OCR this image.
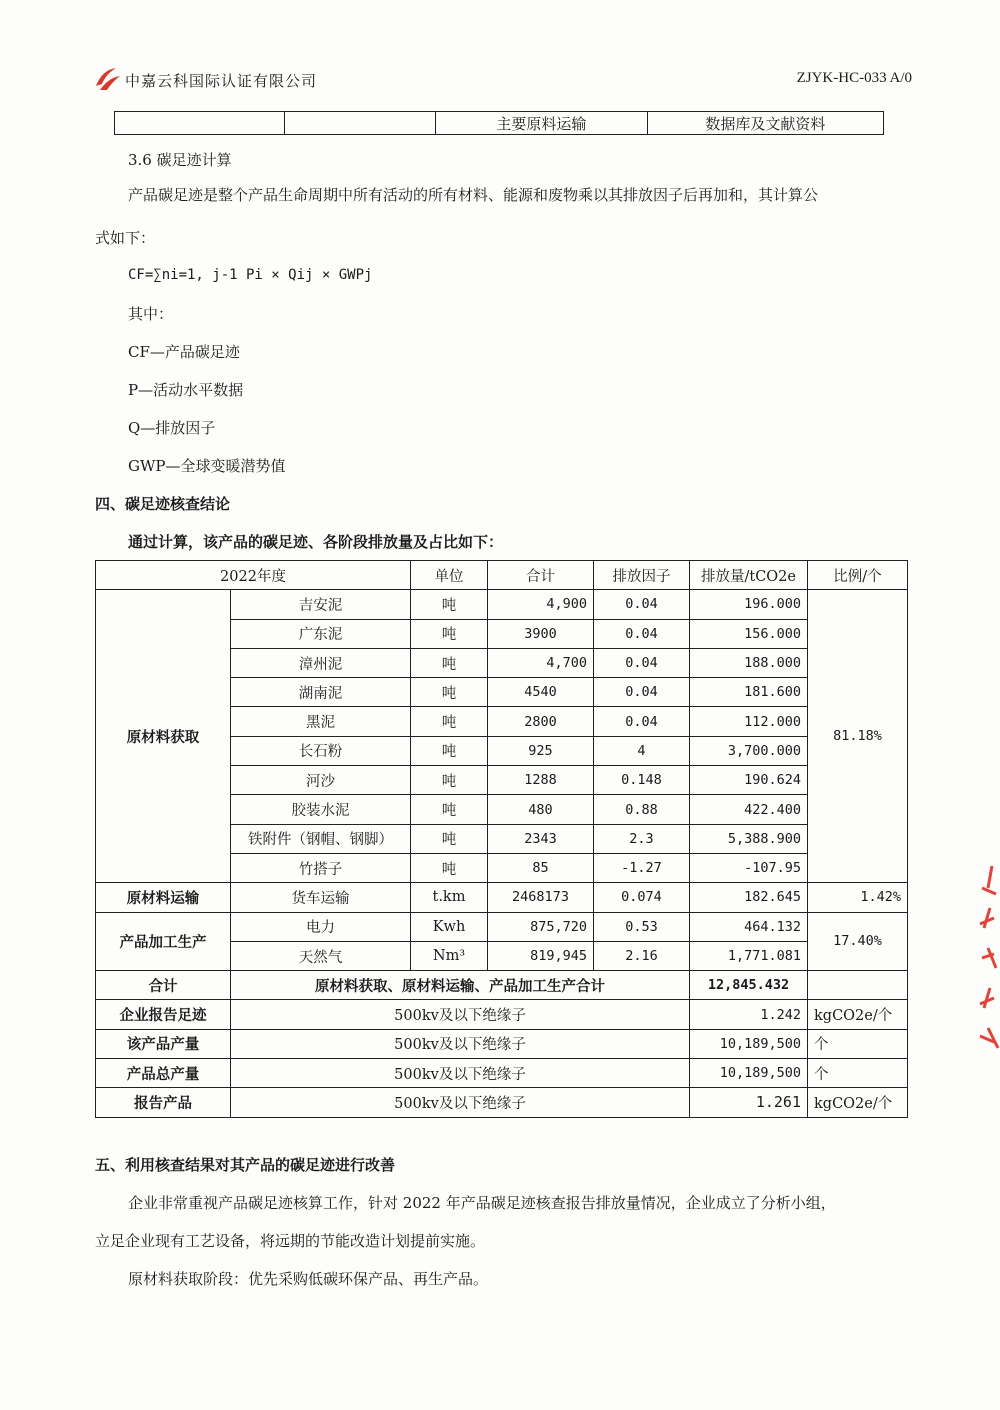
中嘉云科国际认证有限公司	ZJYK-HC-033 A/0
主要原料运输	数据库及文献资料
3.6 碳足迹计算
产品碳足迹是整个产品生命周期中所有活动的所有材料、能源和废物乘以其排放因子后再加和，其计算公
式如下：
CF=∑ni=1, j-1 Pi × Qij × GWPj
其中：
CF—产品碳足迹
P—活动水平数据
Q—排放因子
GWP—全球变暖潜势值
四、碳足迹核查结论
通过计算，该产品的碳足迹、各阶段排放量及占比如下：
2022年度		单位	合计	排放因子	排放量/tCO2e	比例/个
原材料获取	吉安泥	吨	4,900	0.04	196.000	81.18%
	广东泥	吨	3900	0.04	156.000	
	漳州泥	吨	4,700	0.04	188.000	
	湖南泥	吨	4540	0.04	181.600	
	黑泥	吨	2800	0.04	112.000	
	长石粉	吨	925	4	3,700.000	
	河沙	吨	1288	0.148	190.624	
	胶装水泥	吨	480	0.88	422.400	
	铁附件（钢帽、钢脚）	吨	2343	2.3	5,388.900	
	竹搭子	吨	85	-1.27	-107.95	
原材料运输	货车运输	t.km	2468173	0.074	182.645	1.42%
产品加工生产	电力	Kwh	875,720	0.53	464.132	17.40%
	天然气	Nm³	819,945	2.16	1,771.081	
合计	原材料获取、原材料运输、产品加工生产合计				12,845.432	
企业报告足迹	500kv及以下绝缘子				1.242	kgCO2e/个
该产品产量	500kv及以下绝缘子				10,189,500	个
产品总产量	500kv及以下绝缘子				10,189,500	个
报告产品	500kv及以下绝缘子				1.261	kgCO2e/个
五、利用核查结果对其产品的碳足迹进行改善
企业非常重视产品碳足迹核算工作，针对 2022 年产品碳足迹核查报告排放量情况，企业成立了分析小组，
立足企业现有工艺设备，将远期的节能改造计划提前实施。
原材料获取阶段：优先采购低碳环保产品、再生产品。
